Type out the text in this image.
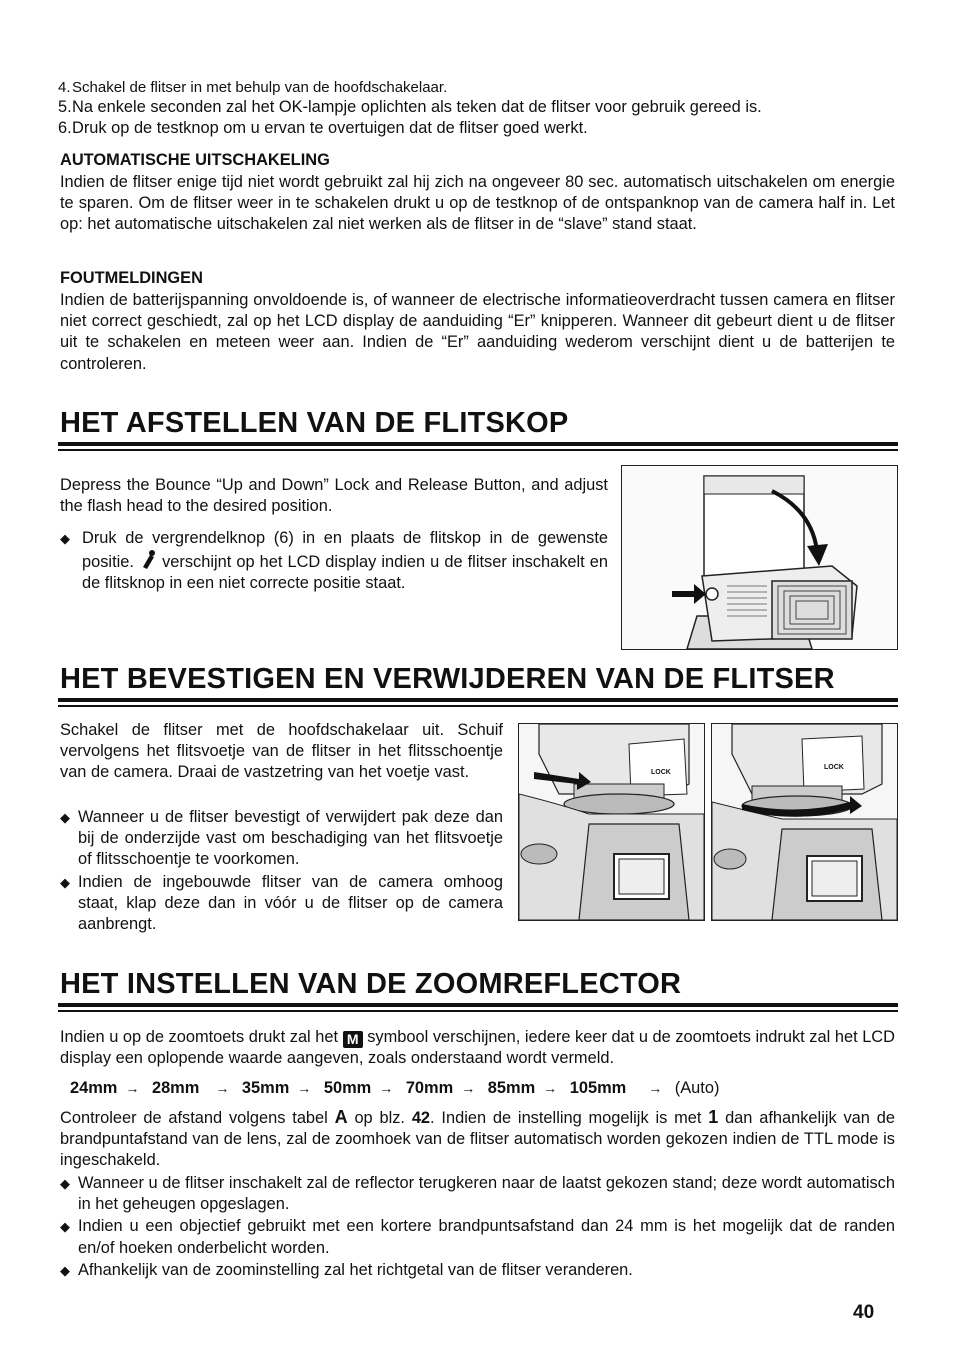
4.Schakel de flitser in met behulp van de hoofdschakelaar.
5.Na enkele seconden zal het OK-lampje oplichten als teken dat de flitser voor gebruik gereed is.
6.Druk op de testknop om u ervan te overtuigen dat de flitser goed werkt.
AUTOMATISCHE UITSCHAKELING
Indien de flitser enige tijd niet wordt gebruikt zal hij zich na ongeveer 80 sec. automatisch uitschakelen om energie te sparen. Om de flitser weer in te schakelen drukt u op de testknop of de ontspanknop van de camera half in. Let op: het automatische uitschakelen zal niet werken als de flitser in de “slave” stand staat.
FOUTMELDINGEN
Indien de batterijspanning onvoldoende is, of wanneer de electrische informatieoverdracht tussen camera en flitser niet correct geschiedt, zal op het LCD display de aanduiding “Er” knipperen. Wanneer dit gebeurt dient u de flitser uit te schakelen en meteen weer aan. Indien de “Er” aanduiding wederom verschijnt dient u de batterijen te controleren.
HET AFSTELLEN VAN DE FLITSKOP
Depress the Bounce “Up and Down” Lock and Release Button, and adjust the flash head to the desired position.
◆ Druk de vergrendelknop (6) in en plaats de flitskop in de gewenste positie. verschijnt op het LCD display indien u de flitser inschakelt en de flitsknop in een niet correcte positie staat.
HET BEVESTIGEN EN VERWIJDEREN VAN DE FLITSER
Schakel de flitser met de hoofdschakelaar uit. Schuif vervolgens het flitsvoetje van de flitser in het flitsschoentje van de camera. Draai de vastzetring van het voetje vast.
◆ Wanneer u de flitser bevestigt of verwijdert pak deze dan bij de onderzijde vast om beschadiging van het flitsvoetje of flitsschoentje te voorkomen.
◆ Indien de ingebouwde flitser van de camera omhoog staat, klap deze dan in vóór u de flitser op de camera aanbrengt.
LOCK
LOCK
HET INSTELLEN VAN DE ZOOMREFLECTOR
Indien u op de zoomtoets drukt zal het M symbool verschijnen, iedere keer dat u de zoomtoets indrukt zal het LCD display een oplopende waarde aangeven, zoals onderstaand wordt vermeld.
24mm → 28mm → 35mm → 50mm → 70mm → 85mm → 105mm → (Auto)
Controleer de afstand volgens tabel A op blz. 42. Indien de instelling mogelijk is met 1 dan afhankelijk van de brandpuntafstand van de lens, zal de zoomhoek van de flitser automatisch worden gekozen indien de TTL mode is ingeschakeld.
◆ Wanneer u de flitser inschakelt zal de reflector terugkeren naar de laatst gekozen stand; deze wordt automatisch in het geheugen opgeslagen.
◆ Indien u een objectief gebruikt met een kortere brandpuntsafstand dan 24 mm is het mogelijk dat de randen en/of hoeken onderbelicht worden.
◆ Afhankelijk van de zoominstelling zal het richtgetal van de flitser veranderen.
40
